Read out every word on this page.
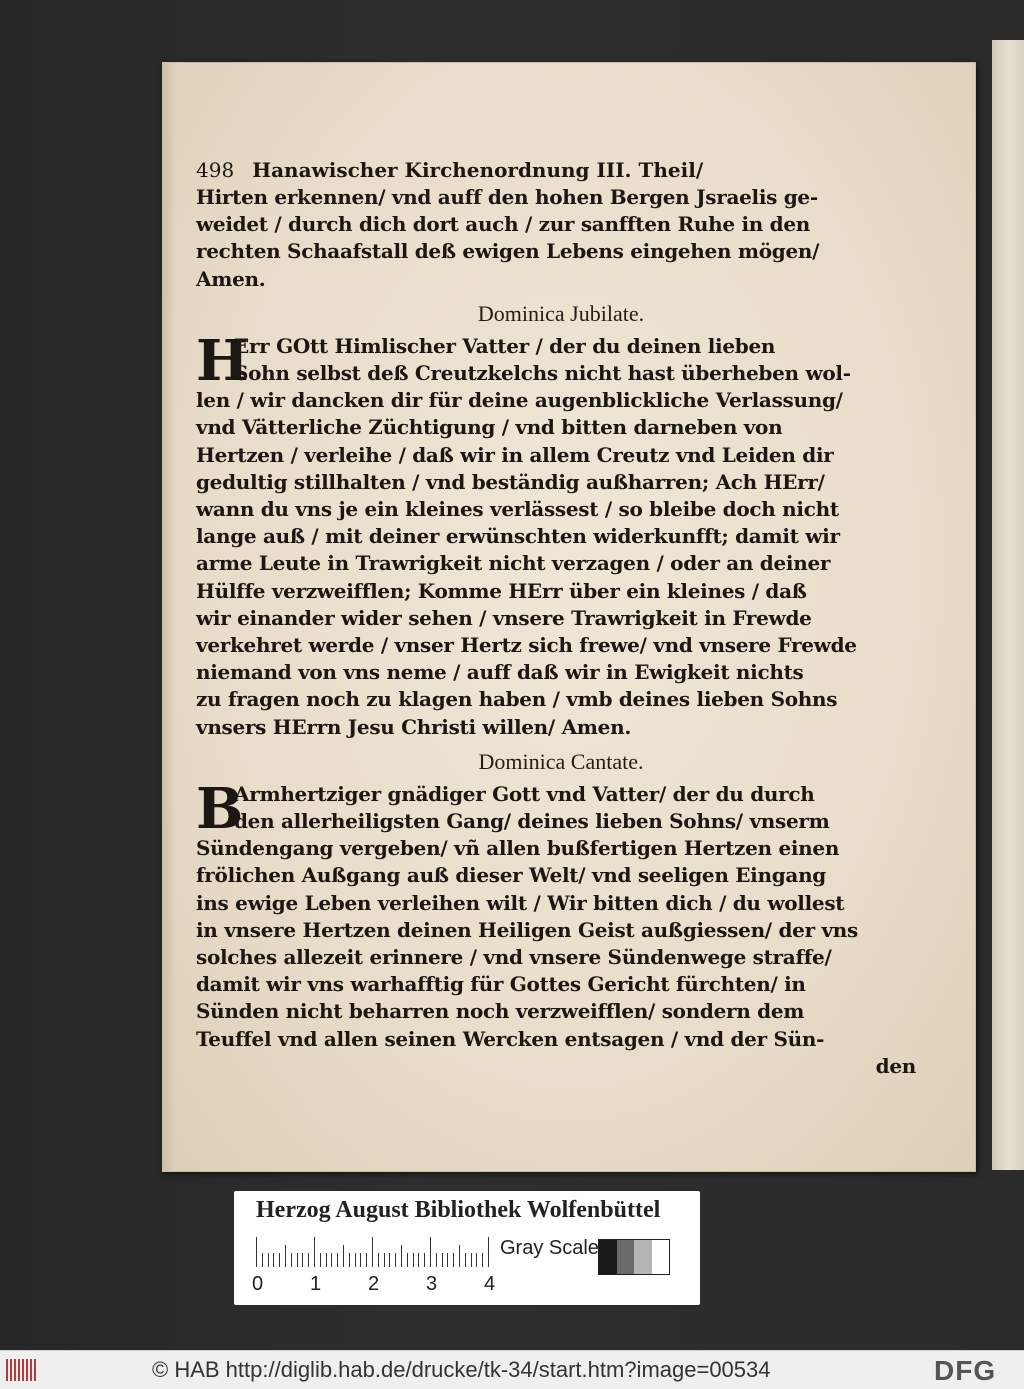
498 Hanawischer Kirchenordnung III. Theil/
Hirten erkennen/ vnd auff den hohen Bergen Jsraelis ge-
weidet / durch dich dort auch / zur sanfften Ruhe in den
rechten Schaafstall deß ewigen Lebens eingehen mögen/
Amen.
Dominica Jubilate.
H
Err GOtt Himlischer Vatter / der du deinen lieben
Sohn selbst deß Creutzkelchs nicht hast überheben wol-
len / wir dancken dir für deine augenblickliche Verlassung/
vnd Vätterliche Züchtigung / vnd bitten darneben von
Hertzen / verleihe / daß wir in allem Creutz vnd Leiden dir
gedultig stillhalten / vnd beständig außharren; Ach HErr/
wann du vns je ein kleines verlässest / so bleibe doch nicht
lange auß / mit deiner erwünschten widerkunfft; damit wir
arme Leute in Trawrigkeit nicht verzagen / oder an deiner
Hülffe verzweifflen; Komme HErr über ein kleines / daß
wir einander wider sehen / vnsere Trawrigkeit in Frewde
verkehret werde / vnser Hertz sich frewe/ vnd vnsere Frewde
niemand von vns neme / auff daß wir in Ewigkeit nichts
zu fragen noch zu klagen haben / vmb deines lieben Sohns
vnsers HErrn Jesu Christi willen/ Amen.
Dominica Cantate.
B
Armhertziger gnädiger Gott vnd Vatter/ der du durch
den allerheiligsten Gang/ deines lieben Sohns/ vnserm
Sündengang vergeben/ vñ allen bußfertigen Hertzen einen
frölichen Außgang auß dieser Welt/ vnd seeligen Eingang
ins ewige Leben verleihen wilt / Wir bitten dich / du wollest
in vnsere Hertzen deinen Heiligen Geist außgiessen/ der vns
solches allezeit erinnere / vnd vnsere Sündenwege straffe/
damit wir vns warhafftig für Gottes Gericht fürchten/ in
Sünden nicht beharren noch verzweifflen/ sondern dem
Teuffel vnd allen seinen Wercken entsagen / vnd der Sün-
den
Herzog August Bibliothek Wolfenbüttel
0 1 2 3 4
Gray Scale
© HAB http://diglib.hab.de/drucke/tk-34/start.htm?image=00534	DFG
